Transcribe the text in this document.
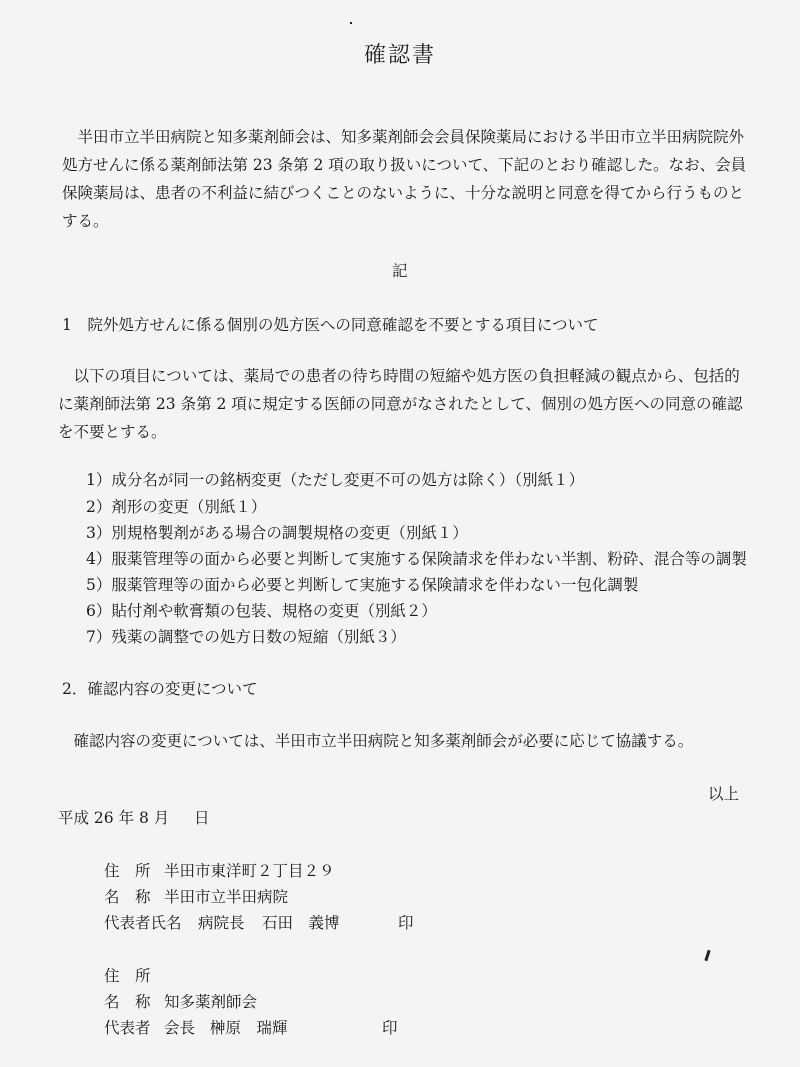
確認書
　半田市立半田病院と知多薬剤師会は、知多薬剤師会会員保険薬局における半田市立半田病院院外
処方せんに係る薬剤師法第 23 条第 2 項の取り扱いについて、下記のとおり確認した。なお、会員
保険薬局は、患者の不利益に結びつくことのないように、十分な説明と同意を得てから行うものと
する。
記
1　院外処方せんに係る個別の処方医への同意確認を不要とする項目について
　以下の項目については、薬局での患者の待ち時間の短縮や処方医の負担軽減の観点から、包括的
に薬剤師法第 23 条第 2 項に規定する医師の同意がなされたとして、個別の処方医への同意の確認
を不要とする。
1）成分名が同一の銘柄変更（ただし変更不可の処方は除く）（別紙１）
2）剤形の変更（別紙１）
3）別規格製剤がある場合の調製規格の変更（別紙１）
4）服薬管理等の面から必要と判断して実施する保険請求を伴わない半割、粉砕、混合等の調製
5）服薬管理等の面から必要と判断して実施する保険請求を伴わない一包化調製
6）貼付剤や軟膏類の包装、規格の変更（別紙２）
7）残薬の調整での処方日数の短縮（別紙３）
2．確認内容の変更について
　確認内容の変更については、半田市立半田病院と知多薬剤師会が必要に応じて協議する。
以上
平成 26 年 8 月 日
住　所 半田市東洋町２丁目２９
名　称 半田市立半田病院
代表者氏名 病院長 石田　義博	印
住　所
名　称 知多薬剤師会
代表者 会長 榊原　瑞輝	印
